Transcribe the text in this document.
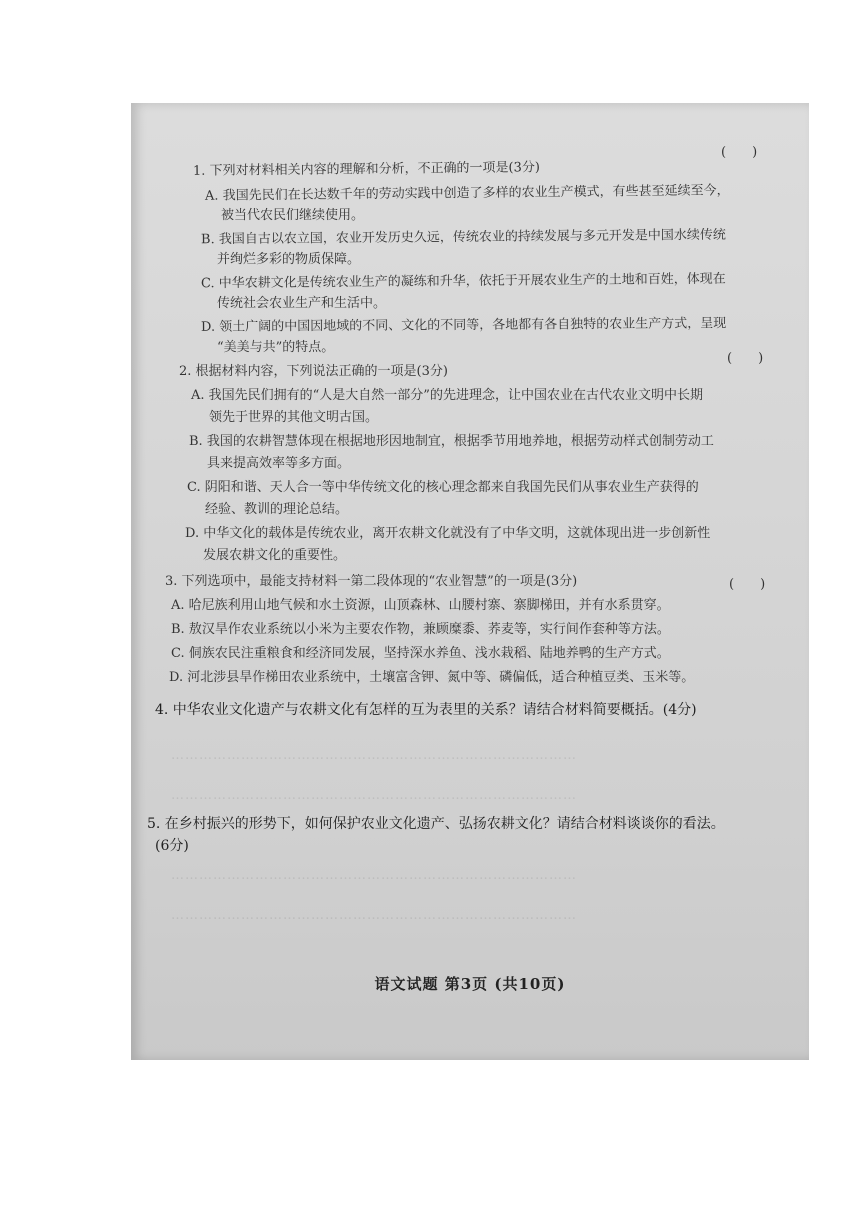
……………………………………………………………………………
……………………………………………………………………………
……………………………………………………………………………
……………………………………………………………………………
(　　)
1. 下列对材料相关内容的理解和分析，不正确的一项是(3分)
A. 我国先民们在长达数千年的劳动实践中创造了多样的农业生产模式，有些甚至延续至今，
被当代农民们继续使用。
B. 我国自古以农立国，农业开发历史久远，传统农业的持续发展与多元开发是中国水续传统
并绚烂多彩的物质保障。
C. 中华农耕文化是传统农业生产的凝练和升华，依托于开展农业生产的土地和百姓，体现在
传统社会农业生产和生活中。
D. 领土广阔的中国因地域的不同、文化的不同等，各地都有各自独特的农业生产方式，呈现
“美美与共”的特点。
(　　)
2. 根据材料内容，下列说法正确的一项是(3分)
A. 我国先民们拥有的“人是大自然一部分”的先进理念，让中国农业在古代农业文明中长期
领先于世界的其他文明古国。
B. 我国的农耕智慧体现在根据地形因地制宜，根据季节用地养地，根据劳动样式创制劳动工
具来提高效率等多方面。
C. 阴阳和谐、天人合一等中华传统文化的核心理念都来自我国先民们从事农业生产获得的
经验、教训的理论总结。
D. 中华文化的载体是传统农业，离开农耕文化就没有了中华文明，这就体现出进一步创新性
发展农耕文化的重要性。
3. 下列选项中，最能支持材料一第二段体现的“农业智慧”的一项是(3分)	(　　)
A. 哈尼族利用山地气候和水土资源，山顶森林、山腰村寨、寨脚梯田，并有水系贯穿。
B. 敖汉旱作农业系统以小米为主要农作物，兼顾糜黍、荞麦等，实行间作套种等方法。
C. 侗族农民注重粮食和经济同发展，坚持深水养鱼、浅水栽稻、陆地养鸭的生产方式。
D. 河北涉县旱作梯田农业系统中，土壤富含钾、氮中等、磷偏低，适合种植豆类、玉米等。
4. 中华农业文化遗产与农耕文化有怎样的互为表里的关系？请结合材料简要概括。(4分)
5. 在乡村振兴的形势下，如何保护农业文化遗产、弘扬农耕文化？请结合材料谈谈你的看法。
(6分)
语文试题 第3页 (共10页)
